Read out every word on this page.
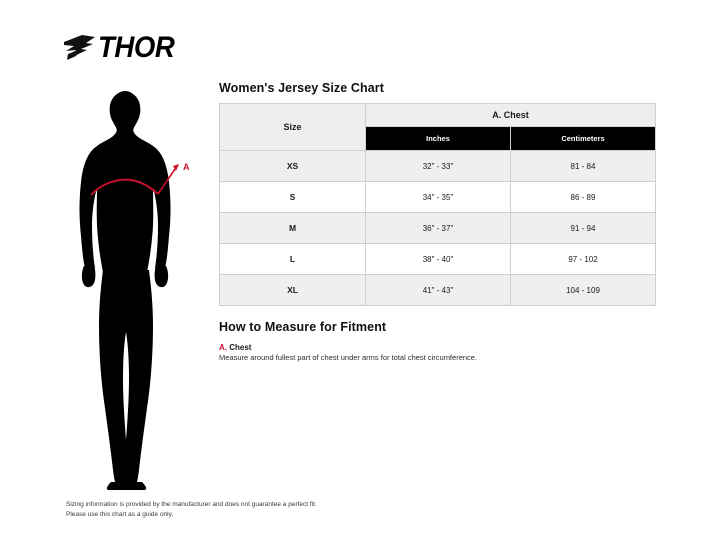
THOR
A
Women's Jersey Size Chart
Size	A. Chest	
	Inches	Centimeters
XS	32" - 33"	81 - 84
S	34" - 35"	86 - 89
M	36" - 37"	91 - 94
L	38" - 40"	97 - 102
XL	41" - 43"	104 - 109
How to Measure for Fitment
A. Chest
Measure around fullest part of chest under arms for total chest circumference.
Sizing information is provided by the manufacturer and does not guarantee a perfect fit.
Please use this chart as a guide only.
